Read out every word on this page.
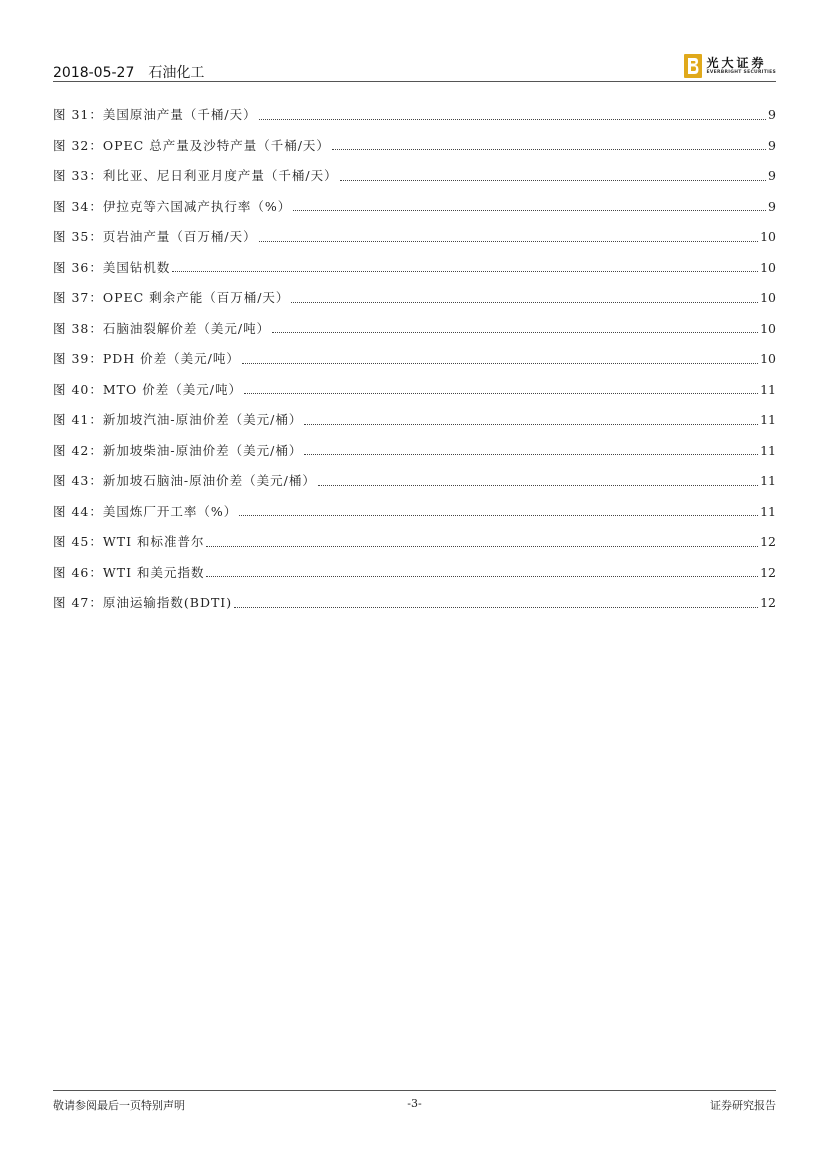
2018-05-27 石油化工
光大证券
EVERBRIGHT SECURITIES
图 31：美国原油产量（千桶/天）	9
图 32：OPEC 总产量及沙特产量（千桶/天）	9
图 33：利比亚、尼日利亚月度产量（千桶/天）	9
图 34：伊拉克等六国减产执行率（%）	9
图 35：页岩油产量（百万桶/天）	10
图 36：美国钻机数	10
图 37：OPEC 剩余产能（百万桶/天）	10
图 38：石脑油裂解价差（美元/吨）	10
图 39：PDH 价差（美元/吨）	10
图 40：MTO 价差（美元/吨）	11
图 41：新加坡汽油-原油价差（美元/桶）	11
图 42：新加坡柴油-原油价差（美元/桶）	11
图 43：新加坡石脑油-原油价差（美元/桶）	11
图 44：美国炼厂开工率（%）	11
图 45：WTI 和标准普尔	12
图 46：WTI 和美元指数	12
图 47：原油运输指数(BDTI)	12
敬请参阅最后一页特别声明	-3-	证券研究报告
